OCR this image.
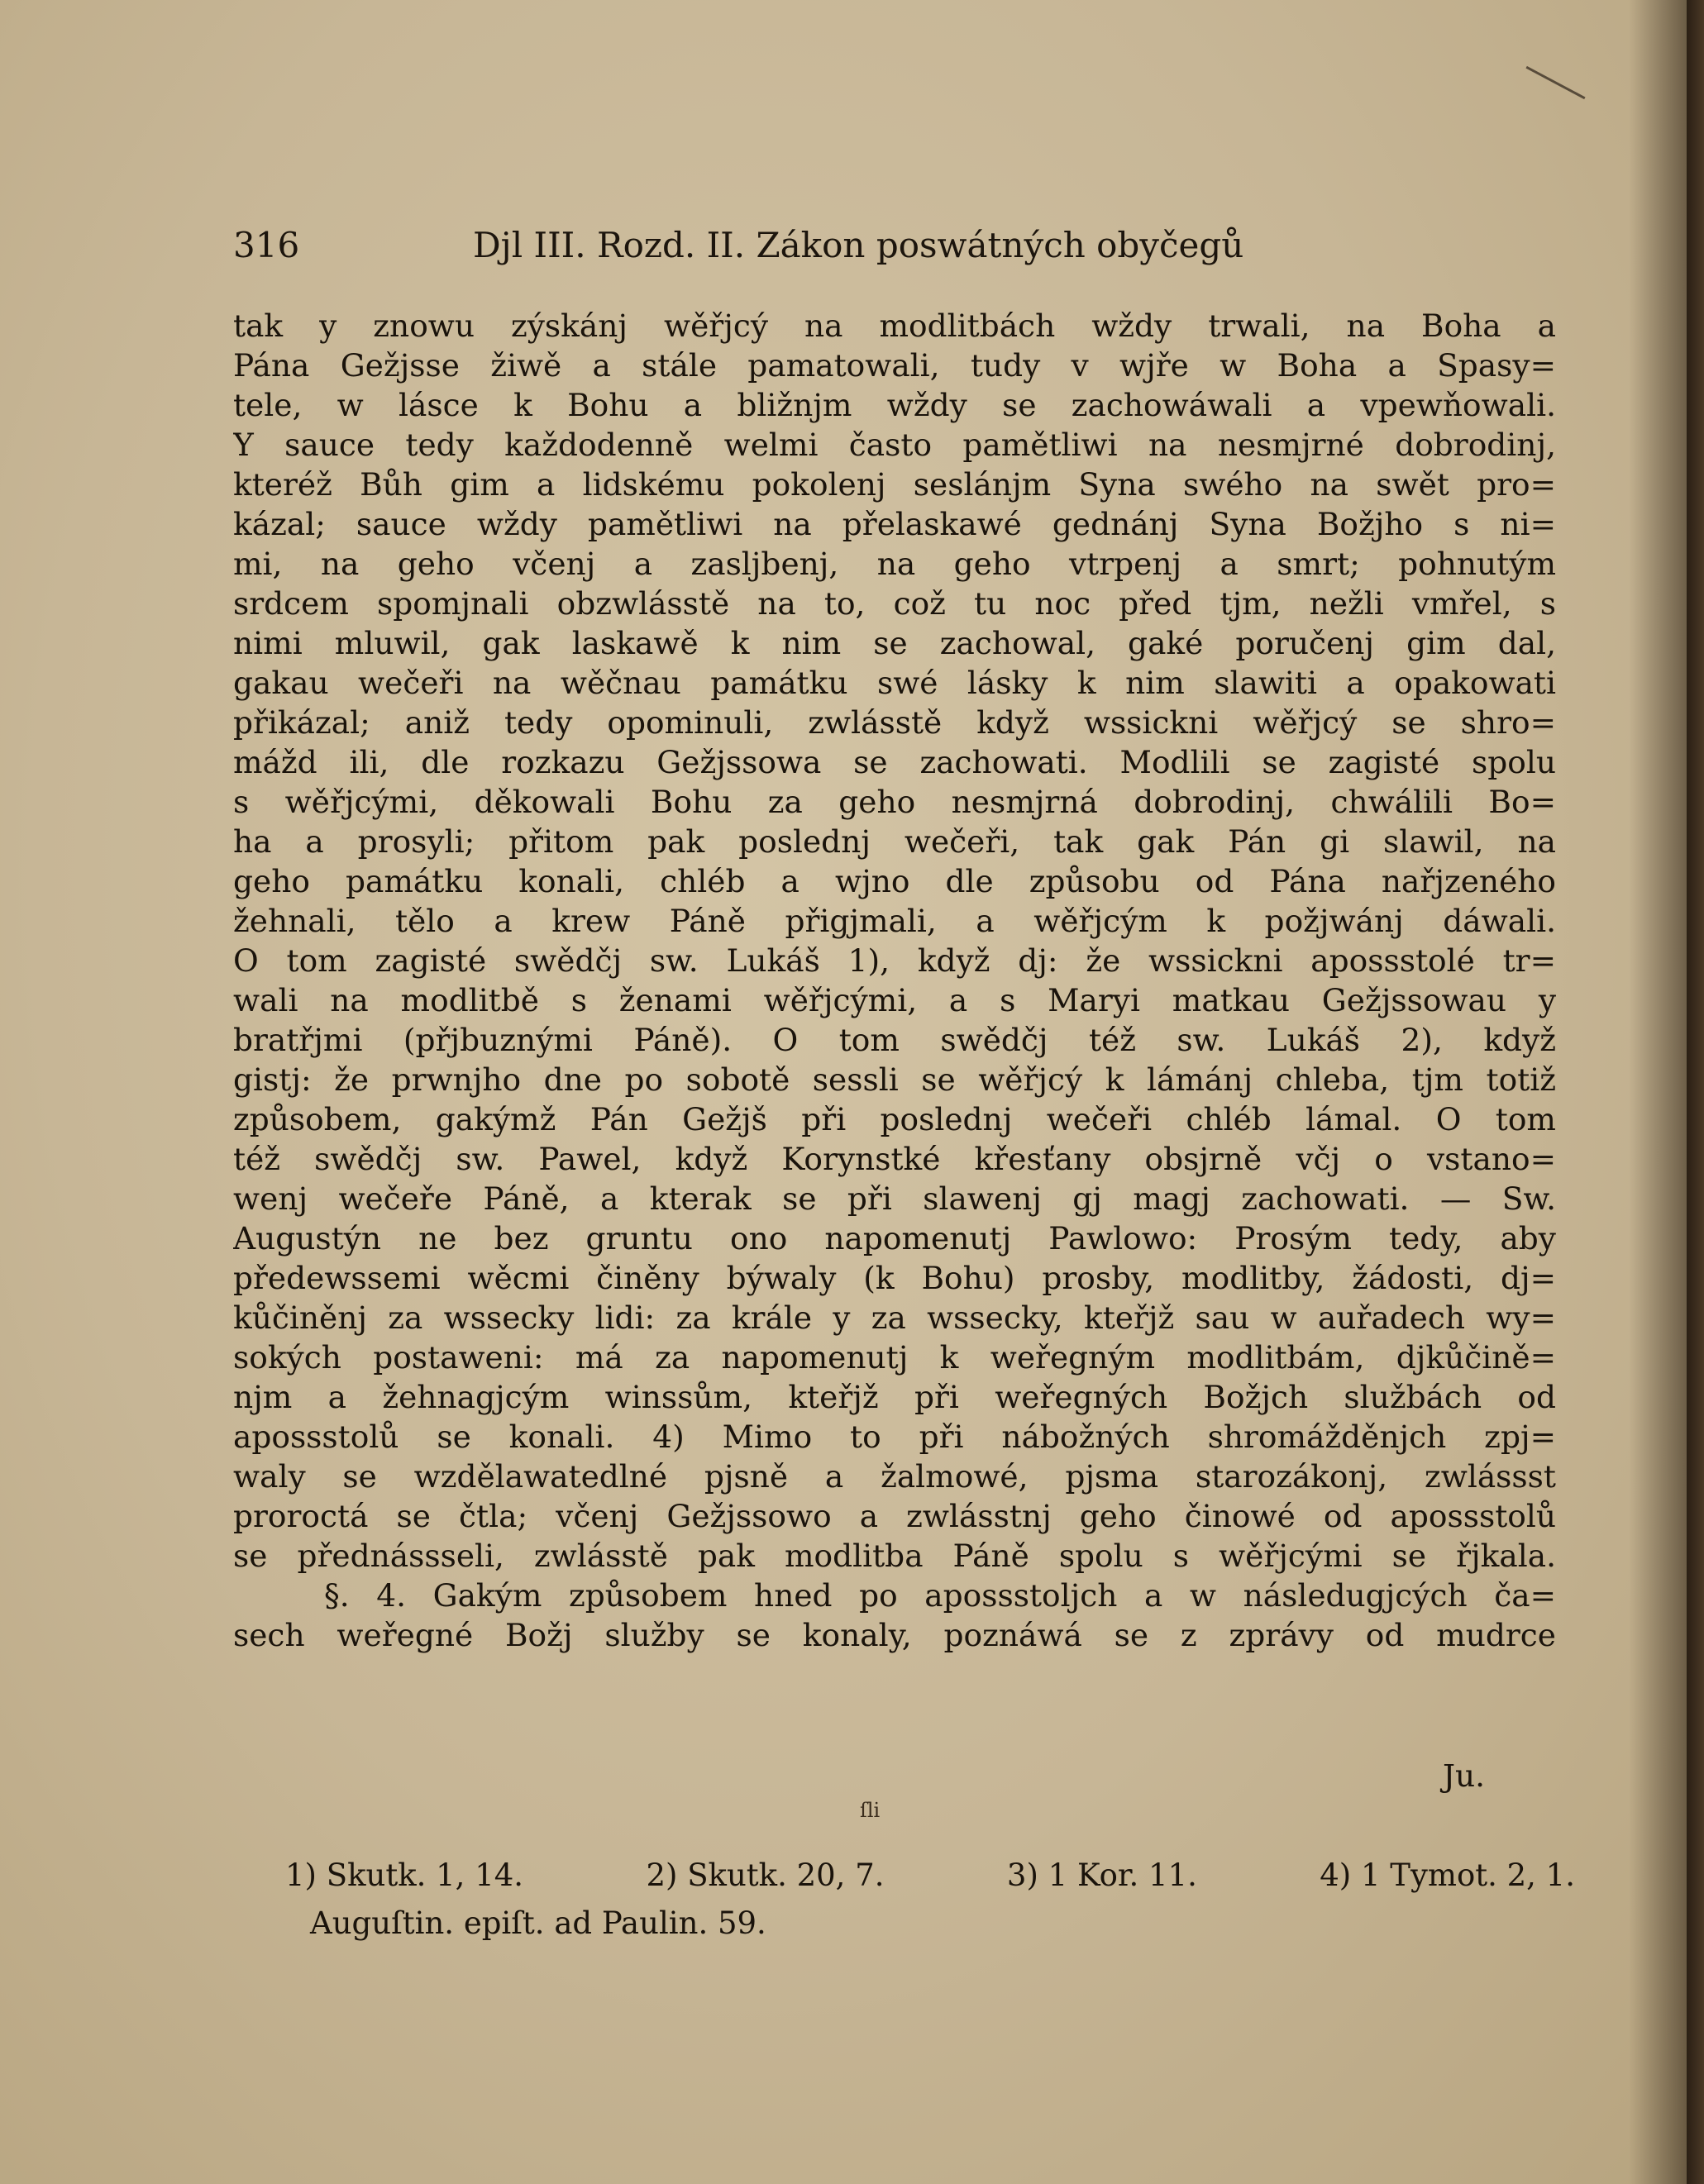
316	Djl III. Rozd. II. Zákon poswátných obyčegů
tak y znowu zýskánj wěřjcý na modlitbách wždy trwali, na Boha a
Pána Gežjsse žiwě a stále pamatowali, tudy v wjře w Boha a Spasy=
tele, w lásce k Bohu a bližnjm wždy se zachowáwali a vpewňowali.
Y sauce tedy každodenně welmi často pamětliwi na nesmjrné dobrodinj,
kteréž Bůh gim a lidskému pokolenj seslánjm Syna swého na swět pro=
kázal; sauce wždy pamětliwi na přelaskawé gednánj Syna Božjho s ni=
mi, na geho včenj a zasljbenj, na geho vtrpenj a smrt; pohnutým
srdcem spomjnali obzwlásstě na to, což tu noc před tjm, nežli vmřel, s
nimi mluwil, gak laskawě k nim se zachowal, gaké poručenj gim dal,
gakau wečeři na wěčnau památku swé lásky k nim slawiti a opakowati
přikázal; aniž tedy opominuli, zwlásstě když wssickni wěřjcý se shro=
mážd ili, dle rozkazu Gežjssowa se zachowati. Modlili se zagisté spolu
s wěřjcými, děkowali Bohu za geho nesmjrná dobrodinj, chwálili Bo=
ha a prosyli; přitom pak poslednj wečeři, tak gak Pán gi slawil, na
geho památku konali, chléb a wjno dle způsobu od Pána nařjzeného
žehnali, tělo a krew Páně přigjmali, a wěřjcým k požjwánj dáwali.
O tom zagisté swědčj sw. Lukáš 1), když dj: že wssickni apossstolé tr=
wali na modlitbě s ženami wěřjcými, a s Maryi matkau Gežjssowau y
bratřjmi (přjbuznými Páně). O tom swědčj též sw. Lukáš 2), když
gistj: že prwnjho dne po sobotě sessli se wěřjcý k lámánj chleba, tjm totiž
způsobem, gakýmž Pán Gežjš při poslednj wečeři chléb lámal. O tom
též swědčj sw. Pawel, když Korynstké křesťany obsjrně včj o vstano=
wenj wečeře Páně, a kterak se při slawenj gj magj zachowati. — Sw.
Augustýn ne bez gruntu ono napomenutj Pawlowo: Prosým tedy, aby
předewssemi wěcmi činěny býwaly (k Bohu) prosby, modlitby, žádosti, dj=
kůčiněnj za wssecky lidi: za krále y za wssecky, kteřjž sau w auřadech wy=
sokých postaweni: má za napomenutj k weřegným modlitbám, djkůčině=
njm a žehnagjcým winssům, kteřjž při weřegných Božjch službách od
apossstolů se konali. 4) Mimo to při nábožných shromážděnjch zpj=
waly se wzdělawatedlné pjsně a žalmowé, pjsma starozákonj, zwlássst
proroctá se čtla; včenj Gežjssowo a zwlásstnj geho činowé od apossstolů
se přednássseli, zwlásstě pak modlitba Páně spolu s wěřjcými se řjkala.
§. 4. Gakým způsobem hned po apossstoljch a w následugjcých ča=
sech weřegné Božj služby se konaly, poznáwá se z zprávy od mudrce
Ju.
ſli
1) Skutk. 1, 14.	2) Skutk. 20, 7.	3) 1 Kor. 11.	4) 1 Tymot. 2, 1.
Auguſtin. epiſt. ad Paulin. 59.
